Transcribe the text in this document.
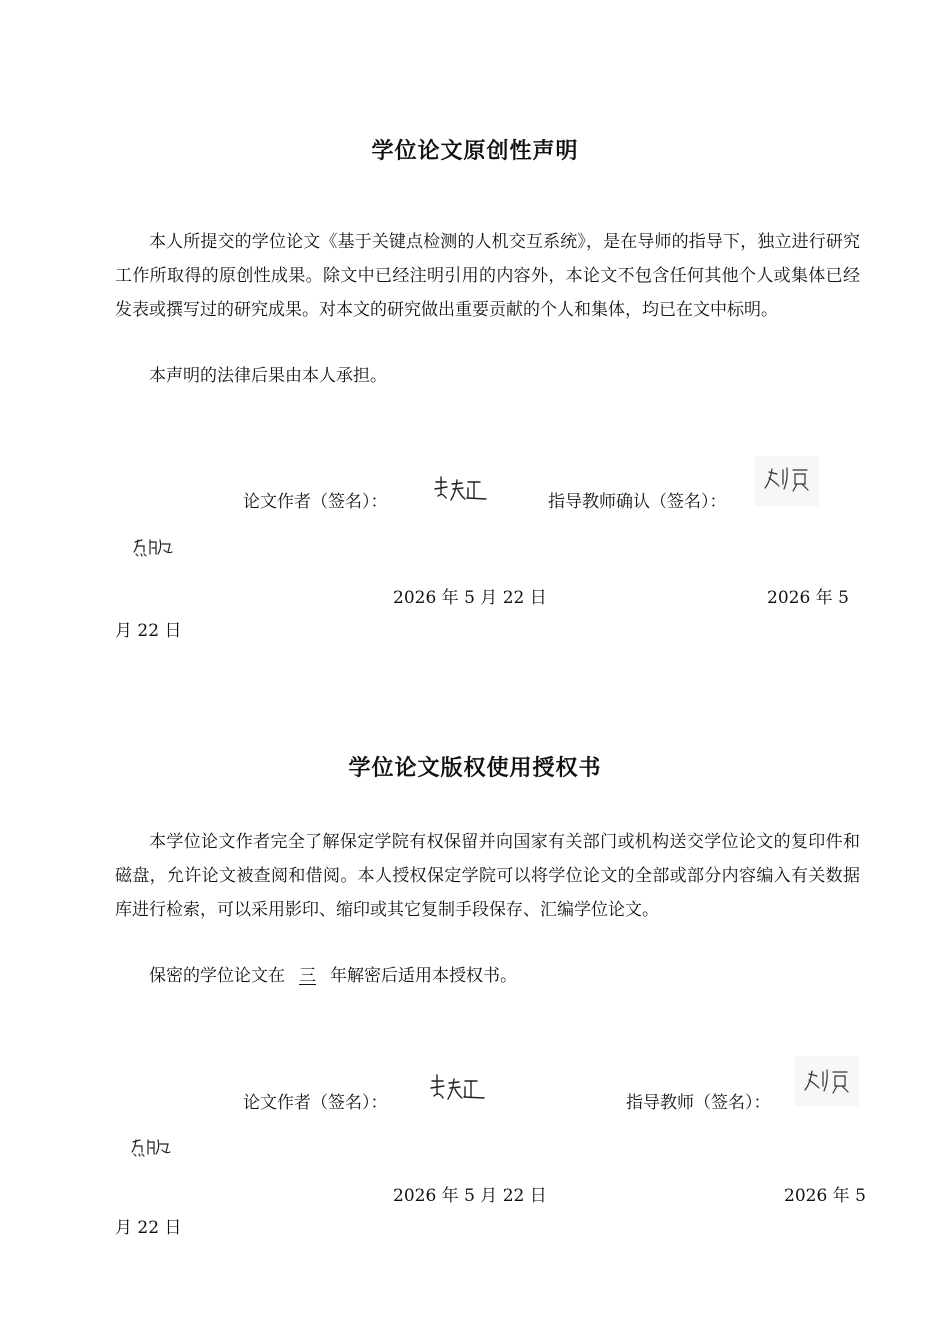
学位论文原创性声明
本人所提交的学位论文《基于关键点检测的人机交互系统》，是在导师的指导下，独立进行研究工作所取得的原创性成果。除文中已经注明引用的内容外，本论文不包含任何其他个人或集体已经发表或撰写过的研究成果。对本文的研究做出重要贡献的个人和集体，均已在文中标明。
本声明的法律后果由本人承担。
论文作者（签名）：	指导教师确认（签名）：
2026 年 5 月 22 日	2026 年 5
月 22 日
学位论文版权使用授权书
本学位论文作者完全了解保定学院有权保留并向国家有关部门或机构送交学位论文的复印件和磁盘，允许论文被查阅和借阅。本人授权保定学院可以将学位论文的全部或部分内容编入有关数据库进行检索，可以采用影印、缩印或其它复制手段保存、汇编学位论文。
保密的学位论文在 三 年解密后适用本授权书。
论文作者（签名）：	指导教师（签名）：
2026 年 5 月 22 日	2026 年 5
月 22 日
